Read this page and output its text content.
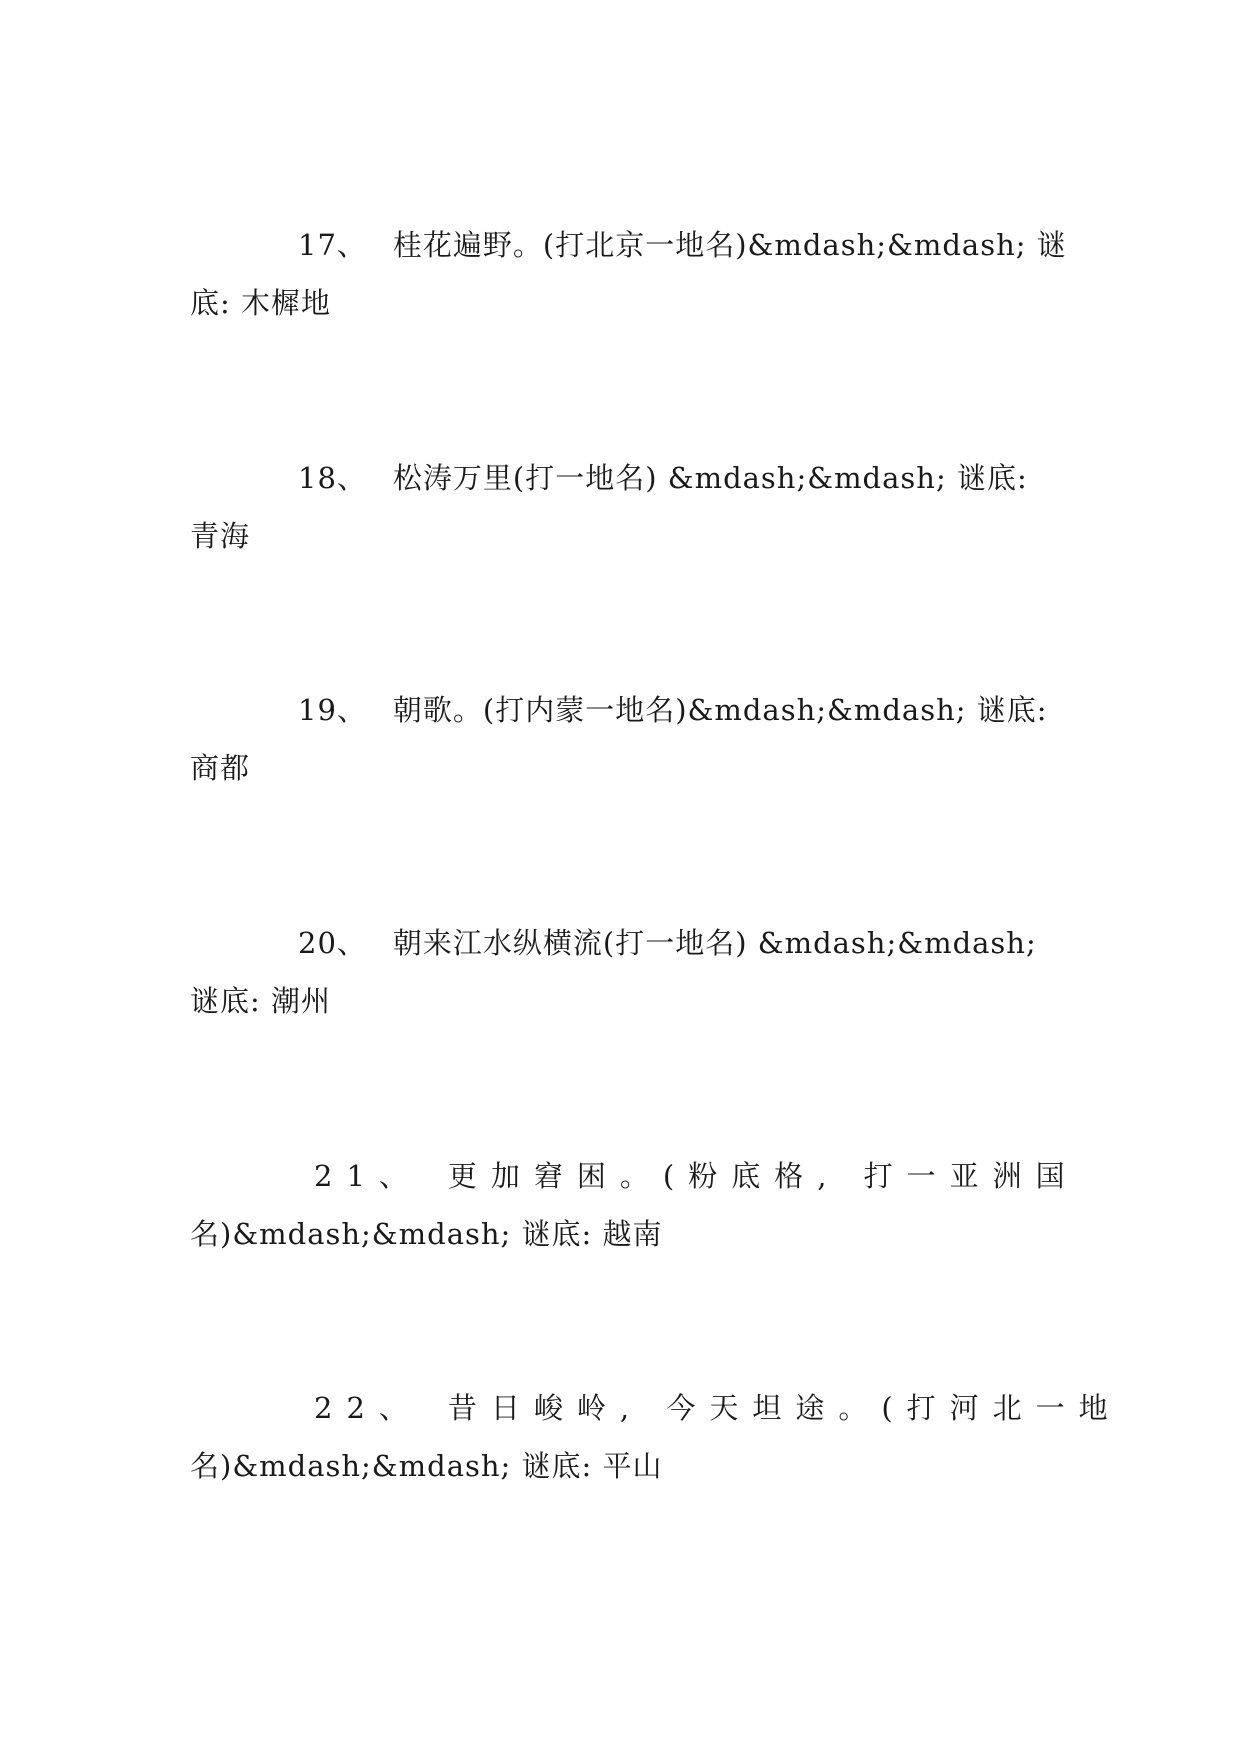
17、 桂花遍野。(打北京一地名)&mdash;&mdash; 谜
底: 木樨地
18、 松涛万里(打一地名) &mdash;&mdash; 谜底:
青海
19、 朝歌。(打内蒙一地名)&mdash;&mdash; 谜底:
商都
20、 朝来江水纵横流(打一地名) &mdash;&mdash;
谜底: 潮州
21、 更加窘困。(粉底格, 打一亚洲国
名)&mdash;&mdash; 谜底: 越南
22、 昔日峻岭, 今天坦途。(打河北一地
名)&mdash;&mdash; 谜底: 平山
